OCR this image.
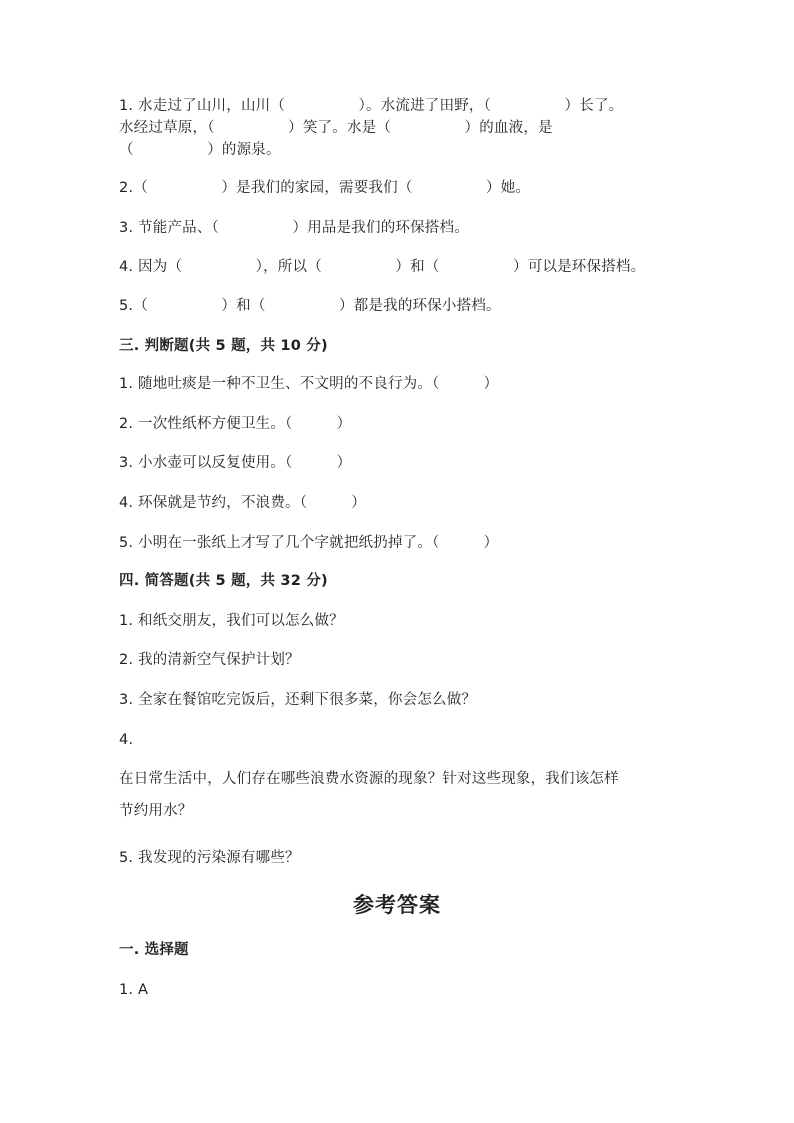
1. 水走过了山川，山川（　　　　　）。水流进了田野，（　　　　　）长了。
水经过草原，（　　　　　）笑了。水是（　　　　　）的血液，是
（　　　　　）的源泉。
2.（　　　　　）是我们的家园，需要我们（　　　　　）她。
3. 节能产品、（　　　　　）用品是我们的环保搭档。
4. 因为（　　　　　），所以（　　　　　）和（　　　　　）可以是环保搭档。
5.（　　　　　）和（　　　　　）都是我的环保小搭档。
三. 判断题(共 5 题，共 10 分)
1. 随地吐痰是一种不卫生、不文明的不良行为。（　　　）
2. 一次性纸杯方便卫生。（　　　）
3. 小水壶可以反复使用。（　　　）
4. 环保就是节约，不浪费。（　　　）
5. 小明在一张纸上才写了几个字就把纸扔掉了。（　　　）
四. 简答题(共 5 题，共 32 分)
1. 和纸交朋友，我们可以怎么做？
2. 我的清新空气保护计划？
3. 全家在餐馆吃完饭后，还剩下很多菜，你会怎么做？
4.
在日常生活中，人们存在哪些浪费水资源的现象？针对这些现象，我们该怎样
节约用水？
5. 我发现的污染源有哪些？
参考答案
一. 选择题
1. A
